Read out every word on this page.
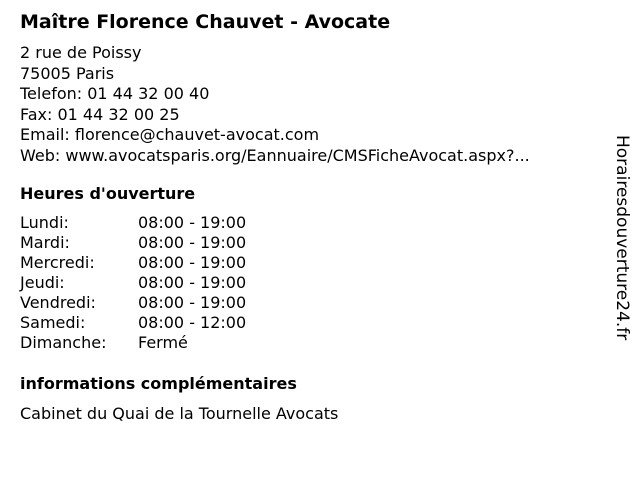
Maître Florence Chauvet - Avocate
2 rue de Poissy
75005 Paris
Telefon: 01 44 32 00 40
Fax: 01 44 32 00 25
Email: florence@chauvet-avocat.com
Web: www.avocatsparis.org/Eannuaire/CMSFicheAvocat.aspx?...
Heures d'ouverture
Lundi:	08:00 - 19:00
Mardi:	08:00 - 19:00
Mercredi:	08:00 - 19:00
Jeudi:	08:00 - 19:00
Vendredi:	08:00 - 19:00
Samedi:	08:00 - 12:00
Dimanche:	Fermé
informations complémentaires
Cabinet du Quai de la Tournelle Avocats
Horairesdouverture24.fr
